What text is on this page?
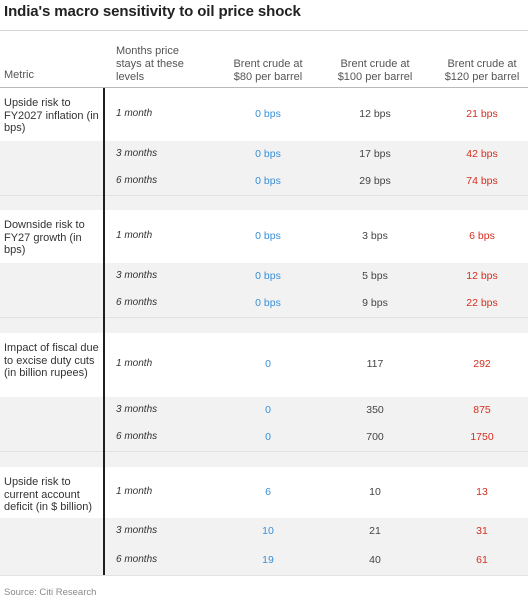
India's macro sensitivity to oil price shock
Metric
Months price stays at these levels
Brent crude at $80 per barrel
Brent crude at $100 per barrel
Brent crude at $120 per barrel
Upside risk to FY2027 inflation (in bps)
1 month	0 bps	12 bps	21 bps
3 months	0 bps	17 bps	42 bps
6 months	0 bps	29 bps	74 bps
Downside risk to FY27 growth (in bps)
1 month	0 bps	3 bps	6 bps
3 months	0 bps	5 bps	12 bps
6 months	0 bps	9 bps	22 bps
Impact of fiscal due to excise duty cuts (in billion rupees)
1 month	0	117	292
3 months	0	350	875
6 months	0	700	1750
Upside risk to current account deficit (in $ billion)
1 month	6	10	13
3 months	10	21	31
6 months	19	40	61
Source: Citi Research
